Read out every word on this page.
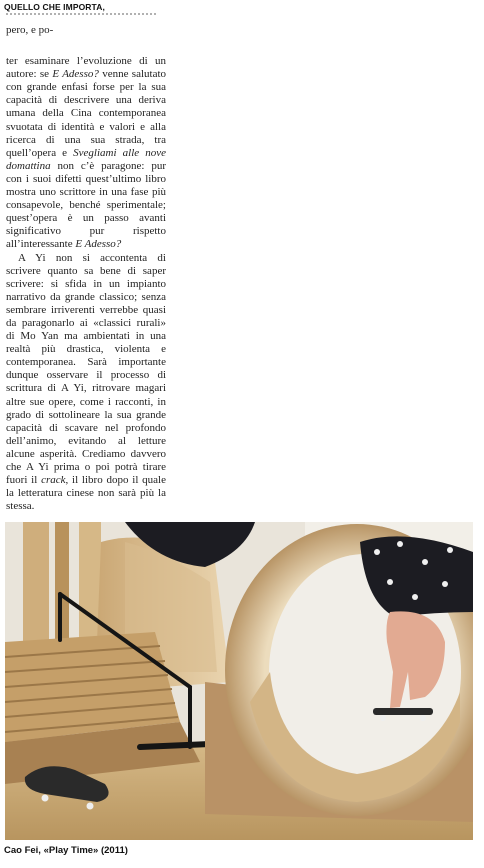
QUELLO CHE IMPORTA,

pero, e po-

ter esaminare l’evoluzione di un autore: se E Adesso? venne salutato con grande enfasi forse per la sua capacità di descrivere una deriva umana della Cina contemporanea svuotata di identità e valori e alla ricerca di una sua strada, tra quell’opera e Svegliami alle nove domattina non c’è paragone: pur con i suoi difetti quest’ultimo libro mostra uno scrittore in una fase più consapevole, benché sperimentale; quest’opera è un passo avanti significativo pur rispetto all’interessante E Adesso?

A Yi non si accontenta di scrivere quanto sa bene di saper scrivere: si sfida in un impianto narrativo da grande classico; senza sembrare irriverenti verrebbe quasi da paragonarlo ai «classici rurali» di Mo Yan ma ambientati in una realtà più drastica, violenta e contemporanea. Sarà importante dunque osservare il processo di scrittura di A Yi, ritrovare magari altre sue opere, come i racconti, in grado di sottolineare la sua grande capacità di scavare nel profondo dell’animo, evitando al letture alcune asperità. Crediamo davvero che A Yi prima o poi potrà tirare fuori il crack, il libro dopo il quale la letteratura cinese non sarà più la stessa.

Cao Fei, «Play Time» (2011)
